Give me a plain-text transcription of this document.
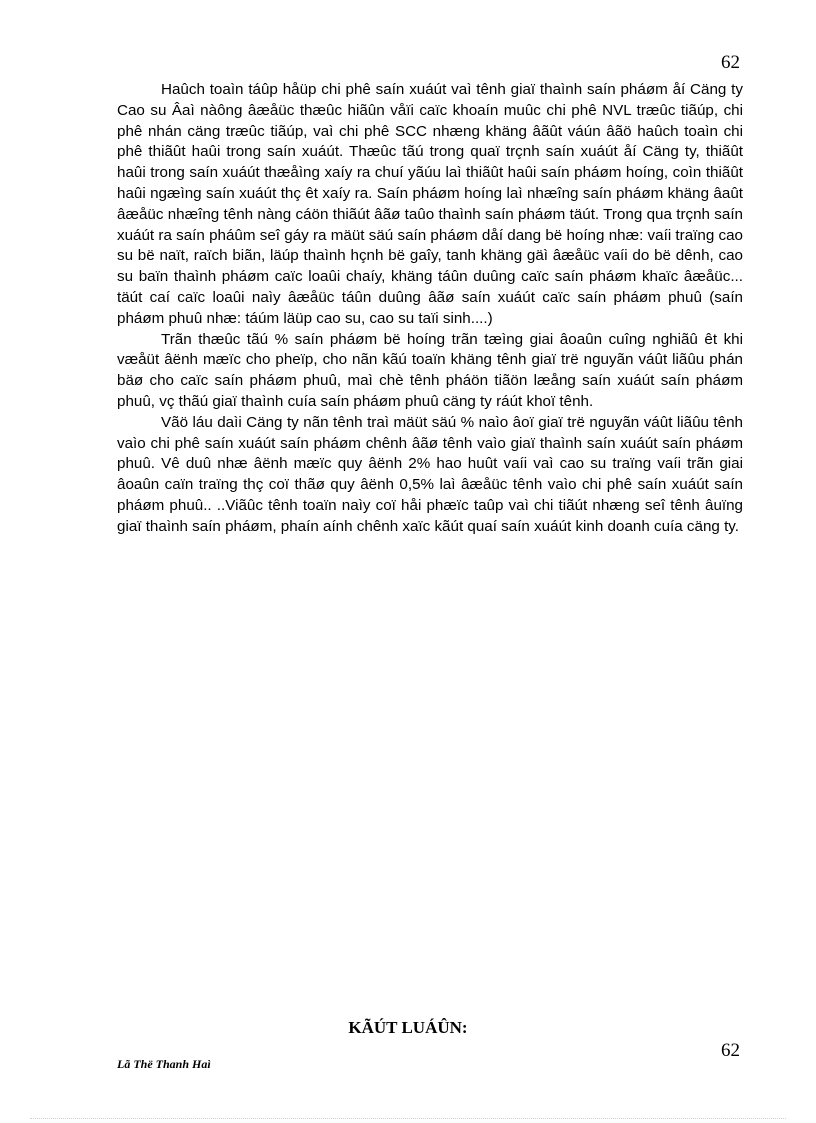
62

Haûch toaìn táûp håüp chi phê saín xuáút vaì tênh giaï thaình saín pháøm åí Cäng ty Cao su Âaì nàông âæåüc thæûc hiãûn våïi caïc khoaín muûc chi phê NVL træûc tiãúp, chi phê nhán cäng træûc tiãúp, vaì chi phê SCC nhæng khäng âãût váún âãö haûch toaìn chi phê thiãût haûi trong saín xuáút. Thæûc tãú trong quaï trçnh saín xuáút åí Cäng ty, thiãût haûi trong saín xuáút thæåìng xaíy ra chuí yãúu laì thiãût haûi saín pháøm hoíng, coìn thiãût haûi ngæìng saín xuáút thç êt xaíy ra. Saín pháøm hoíng laì nhæîng saín pháøm khäng âaût âæåüc nhæîng tênh nàng cáön thiãút âãø taûo thaình saín pháøm täút. Trong qua trçnh saín xuáút ra saín pháûm seî gáy ra mäüt säú saín pháøm dåí dang bë hoíng nhæ: vaíi traïng cao su bë naït, raïch biãn, läúp thaình hçnh bë gaîy, tanh khäng gäì âæåüc vaíi do bë dênh, cao su baïn thaình pháøm caïc loaûi chaíy, khäng táûn duûng caïc saín pháøm khaïc âæåüc... täút caí caïc loaûi naìy âæåüc táûn duûng âãø saín xuáút caïc saín pháøm phuû (saín pháøm phuû nhæ: táúm läüp cao su, cao su taïi sinh....)

Trãn thæûc tãú % saín pháøm bë hoíng trãn tæìng giai âoaûn cuîng nghiãû êt khi væåüt âënh mæïc cho pheïp, cho nãn kãú toaïn khäng tênh giaï trë nguyãn váût liãûu phán bäø cho caïc saín pháøm phuû, maì chè tênh pháön tiãön læång saín xuáút saín pháøm phuû, vç thãú giaï thaình cuía saín pháøm phuû cäng ty ráút khoï tênh.

Vãö láu daìi Cäng ty nãn tênh traì mäüt säú % naìo âoï giaï trë nguyãn váût liãûu tênh vaìo chi phê saín xuáút saín pháøm chênh âãø tênh vaìo giaï thaình saín xuáút saín pháøm phuû. Vê duû nhæ âënh mæïc quy âënh 2% hao huût vaíi vaì cao su traïng vaíi trãn giai âoaûn caïn traïng thç coï thãø quy âënh 0,5% laì âæåüc tênh vaìo chi phê saín xuáút saín pháøm phuû.. ..Viãûc tênh toaïn naìy coï håi phæïc taûp vaì chi tiãút nhæng seî tênh âuïng giaï thaình saín pháøm, phaín aính chênh xaïc kãút quaí saín xuáút kinh doanh cuía cäng ty.

KÃÚT LUÁÛN:
62
Lã Thë Thanh Haì
